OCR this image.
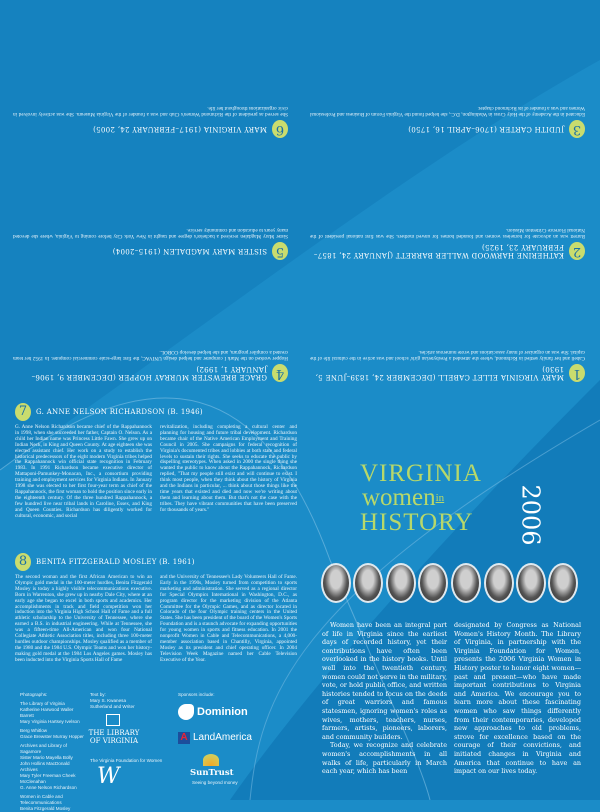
1
MARY VIRGINIA ELLET CABELL (DECEMBER 24, 1839–JUNE 5, 1930)
Cabell and her family settled in Richmond, where she attended a Presbyterian girls' school and was active in the cultural life of the capital. She was an organizer of many associations and wrote numerous articles.
2
KATHERINE HARWOOD WALLER BARRETT (JANUARY 24, 1857–FEBRUARY 23, 1925)
Barrett was an advocate for homeless women and founded homes for unwed mothers. She was first national president of the National Florence Crittenton Mission.
3
JUDITH CARTER (1706–APRIL 16, 1750)
Educated in the Academy of the Holy Cross in Washington, D.C., she helped found the Virginia Forum of Business and Professional Women and was a founder of its Richmond chapter.
4
GRACE BREWSTER MURRAY HOPPER (DECEMBER 9, 1906–JANUARY 1, 1992)
Hopper worked on the Mark I computer and helped design UNIVAC, the first large-scale commercial computer. In 1952 her team created a compiler program, and she helped develop COBOL.
5
SISTER MARY MAGDALEN (1915–2004)
Sister Mary Magdalen received a bachelor's degree and taught in New York City before coming to Virginia, where she devoted many years to education and community service.
6
MARY VIRGINIA (1917–FEBRUARY 24, 2005)
She served as president of the Richmond Women's Club and was a founder of the Virginia Museum. She was actively involved in civic organizations throughout her life.
7	G. ANNE NELSON RICHARDSON (B. 1946)
G. Anne Nelson Richardson became chief of the Rappahannock in 1998, when she succeeded her father, Captain O. Nelson. As a child her Indian name was Princess Little Fawn. She grew up on Indian Neck, in King and Queen County. At age eighteen she was elected assistant chief. Her work on a study to establish the historical predecessors of the eight modern Virginia tribes helped the Rappahannock win official state recognition in February 1983. In 1991 Richardson became executive director of Mattaponi-Pamunkey-Monacan, Inc., a consortium providing training and employment services for Virginia Indians. In January 1998 she was elected to her first four-year term as chief of the Rappahannock, the first woman to hold the position since early in the eighteenth century. Of the three hundred Rappahannock, a few hundred live near tribal lands in Caroline, Essex, and King and Queen Counties. Richardson has diligently worked for cultural, economic, and social
revitalization, including completing a cultural center and planning for housing and future tribal development. Richardson became chair of the Native American Employment and Training Council in 2005. She campaigns for federal recognition of Virginia's documented tribes and lobbies at both state and federal levels to sustain their rights. She seeks to educate the public by dispelling stereotypes. When asked in 2000 the single thing she wanted the public to know about the Rappahannock, Richardson replied, "That my people still exist and will continue to exist. I think most people, when they think about the history of Virginia and the Indians in particular, ... think about those things like the time years that existed and died and now we're writing about them and learning about them. But that's not the case with the tribes. They have vibrant communities that have been preserved for thousands of years."
8	BENITA FITZGERALD MOSLEY (B. 1961)
The second woman and the first African American to win an Olympic gold medal in the 100-meter hurdles, Benita Fitzgerald Mosley is today a highly visible telecommunications executive. Born in Warrenton, she grew up in nearby Dale City, where at an early age she began to excel in both sports and academics. Her accomplishments in track and field competition won her induction into the Virginia High School Hall of Fame and a full athletic scholarship to the University of Tennessee, where she earned a B.S. in industrial engineering. While at Tennessee, she was a fifteen-time All-American and won four National Collegiate Athletic Association titles, including three 100-meter hurdles outdoor championships. Mosley qualified as a member of the 1980 and the 1984 U.S. Olympic Teams and won her history-making gold medal at the 1984 Los Angeles games. Mosley has been inducted into the Virginia Sports Hall of Fame
and the University of Tennessee's Lady Volunteers Hall of Fame. Early in the 1990s, Mosley turned from competition to sports marketing and administration. She served as a regional director for Special Olympics International in Washington, D.C., as program director for the marketing division of the Atlanta Committee for the Olympic Games, and as director located in Colorado of the four Olympic training centers in the United States. She has been president of the board of the Women's Sports Foundation and is a staunch advocate for expanding opportunities for young women in sports and fitness education. In 2001 the nonprofit Women in Cable and Telecommunications, a 4,000-member association based in Chantilly, Virginia, appointed Mosley as its president and chief operating officer. In 2004 Television Week Magazine named her Cable Television Executive of the Year.
VIRGINIA
women$^{in}$
HISTORY 2006
Women have been an integral part of life in Virginia since the earliest days of recorded history, yet their contributions have often been overlooked in the history books. Until well into the twentieth century, women could not serve in the military, vote, or hold public office, and written histories tended to focus on the deeds of great warriors and famous statesmen, ignoring women's roles as wives, mothers, teachers, nurses, farmers, artists, pioneers, laborers, and community builders.
Today, we recognize and celebrate women's accomplishments in all walks of life, particularly in March each year, which has been
designated by Congress as National Women's History Month. The Library of Virginia, in partnership with the Virginia Foundation for Women, presents the 2006 Virginia Women in History poster to honor eight women—past and present—who have made important contributions to Virginia and America. We encourage you to learn more about these fascinating women who saw things differently from their contemporaries, developed new approaches to old problems, strove for excellence based on the courage of their convictions, and initiated changes in Virginia and America that continue to have an impact on our lives today.
Photographs:
The Library of Virginia
Katherine Harwood Waller Barrett
Mary Virginia Hartsey Ivelson
Berg Whitlow
Grace Brewster Murray Hopper
Archives and Library of Sagamore
Sister Mario Mayella Bolly
John Hollins MacDonald Archives
Mary Tyler Freeman Cheek McClenahan
G. Anne Nelson Richardson
Women in Cable and Telecommunications
Benita Fitzgerald Mosley
Text by:
Mary S. Kwanesa
Sutherland and Writer
THE LIBRARY OF VIRGINIA
The Virginia Foundation for Women
W
Sponsors include:
Dominion
A LandAmerica
SunTrust
Seeing beyond money
